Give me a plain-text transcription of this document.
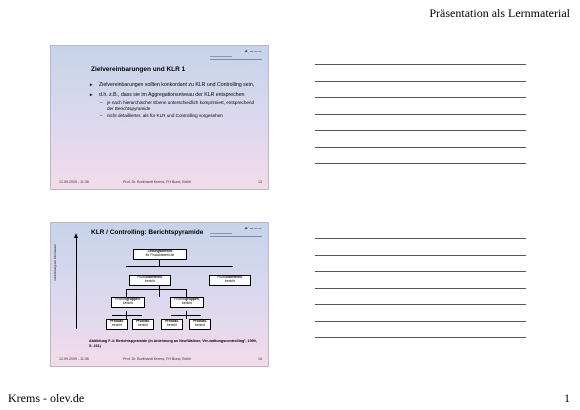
Präsentation als Lernmaterial
✦ ∽∽∽
Zielvereinbarungen und KLR 1
► Zielvereinbarungen sollten konkordant zu KLR und Controlling sein,
► d.h. z.B., dass sie im Aggregationsniveau der KLR entsprechen
– je nach hierarchischer Ebene unterschiedlich komprimiert, entsprechend der Berichtspyramide
– nicht detaillierter, als für KLR und Controlling vorgesehen
12.09.2009 - 11:36	Prof. Dr. Burkhardt Krems, FH Bund, Brühl	13
✦ ∽∽∽
KLR / Controlling: Berichtspyramide
Verdichtung der Information	Leitungsbericht
für Produktbereiche
Produktbereichs-
bericht
Produktbereichs-
bericht
Produktgruppen-
bericht
Produktgruppen-
bericht
Produkt-
bericht
Produkt-
bericht
Produkt-
bericht
Produkt-
bericht
Abbildung F-4: Berichtspyramide (in Anlehnung an Neu/Wallner, Ver-waltungscontrolling², 1999, S. 231)
12.09.2009 - 11:36	Prof. Dr. Burkhardt Krems, FH Bund, Brühl	15
Krems - olev.de	1
